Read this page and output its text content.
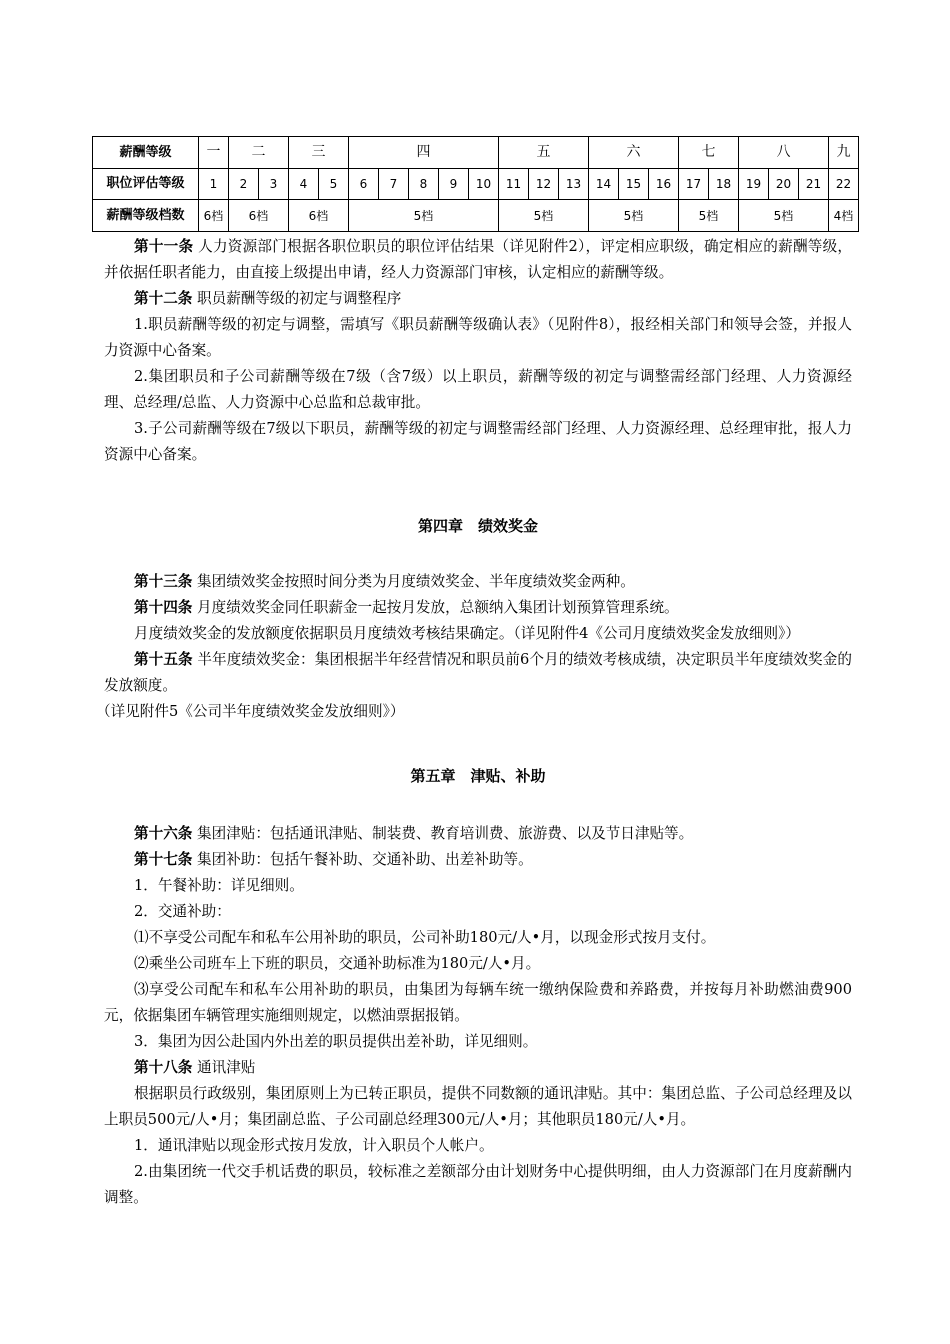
薪酬等级	一	二		三		四					五			六			七		八			九
职位评估等级	1	2	3	4	5	6	7	8	9	10	11	12	13	14	15	16	17	18	19	20	21	22
薪酬等级档数	6档	6档		6档		5档					5档			5档			5档		5档			4档

第十一条 人力资源部门根据各职位职员的职位评估结果（详见附件2），评定相应职级，确定相应的薪酬等级，并依据任职者能力，由直接上级提出申请，经人力资源部门审核，认定相应的薪酬等级。

第十二条 职员薪酬等级的初定与调整程序

1.职员薪酬等级的初定与调整，需填写《职员薪酬等级确认表》（见附件8），报经相关部门和领导会签，并报人力资源中心备案。

2.集团职员和子公司薪酬等级在7级（含7级）以上职员，薪酬等级的初定与调整需经部门经理、人力资源经理、总经理/总监、人力资源中心总监和总裁审批。

3.子公司薪酬等级在7级以下职员，薪酬等级的初定与调整需经部门经理、人力资源经理、总经理审批，报人力资源中心备案。

第四章　绩效奖金

第十三条 集团绩效奖金按照时间分类为月度绩效奖金、半年度绩效奖金两种。

第十四条 月度绩效奖金同任职薪金一起按月发放，总额纳入集团计划预算管理系统。

月度绩效奖金的发放额度依据职员月度绩效考核结果确定。（详见附件4《公司月度绩效奖金发放细则》）

第十五条 半年度绩效奖金：集团根据半年经营情况和职员前6个月的绩效考核成绩，决定职员半年度绩效奖金的发放额度。

（详见附件5《公司半年度绩效奖金发放细则》）

第五章　津贴、补助

第十六条 集团津贴：包括通讯津贴、制装费、教育培训费、旅游费、以及节日津贴等。

第十七条 集团补助：包括午餐补助、交通补助、出差补助等。

1．午餐补助：详见细则。

2．交通补助：

⑴不享受公司配车和私车公用补助的职员，公司补助180元/人•月，以现金形式按月支付。

⑵乘坐公司班车上下班的职员，交通补助标准为180元/人•月。

⑶享受公司配车和私车公用补助的职员，由集团为每辆车统一缴纳保险费和养路费，并按每月补助燃油费900元，依据集团车辆管理实施细则规定，以燃油票据报销。

3．集团为因公赴国内外出差的职员提供出差补助，详见细则。

第十八条 通讯津贴

根据职员行政级别，集团原则上为已转正职员，提供不同数额的通讯津贴。其中：集团总监、子公司总经理及以上职员500元/人•月；集团副总监、子公司副总经理300元/人•月；其他职员180元/人•月。

1．通讯津贴以现金形式按月发放，计入职员个人帐户。

2.由集团统一代交手机话费的职员，较标准之差额部分由计划财务中心提供明细，由人力资源部门在月度薪酬内调整。
